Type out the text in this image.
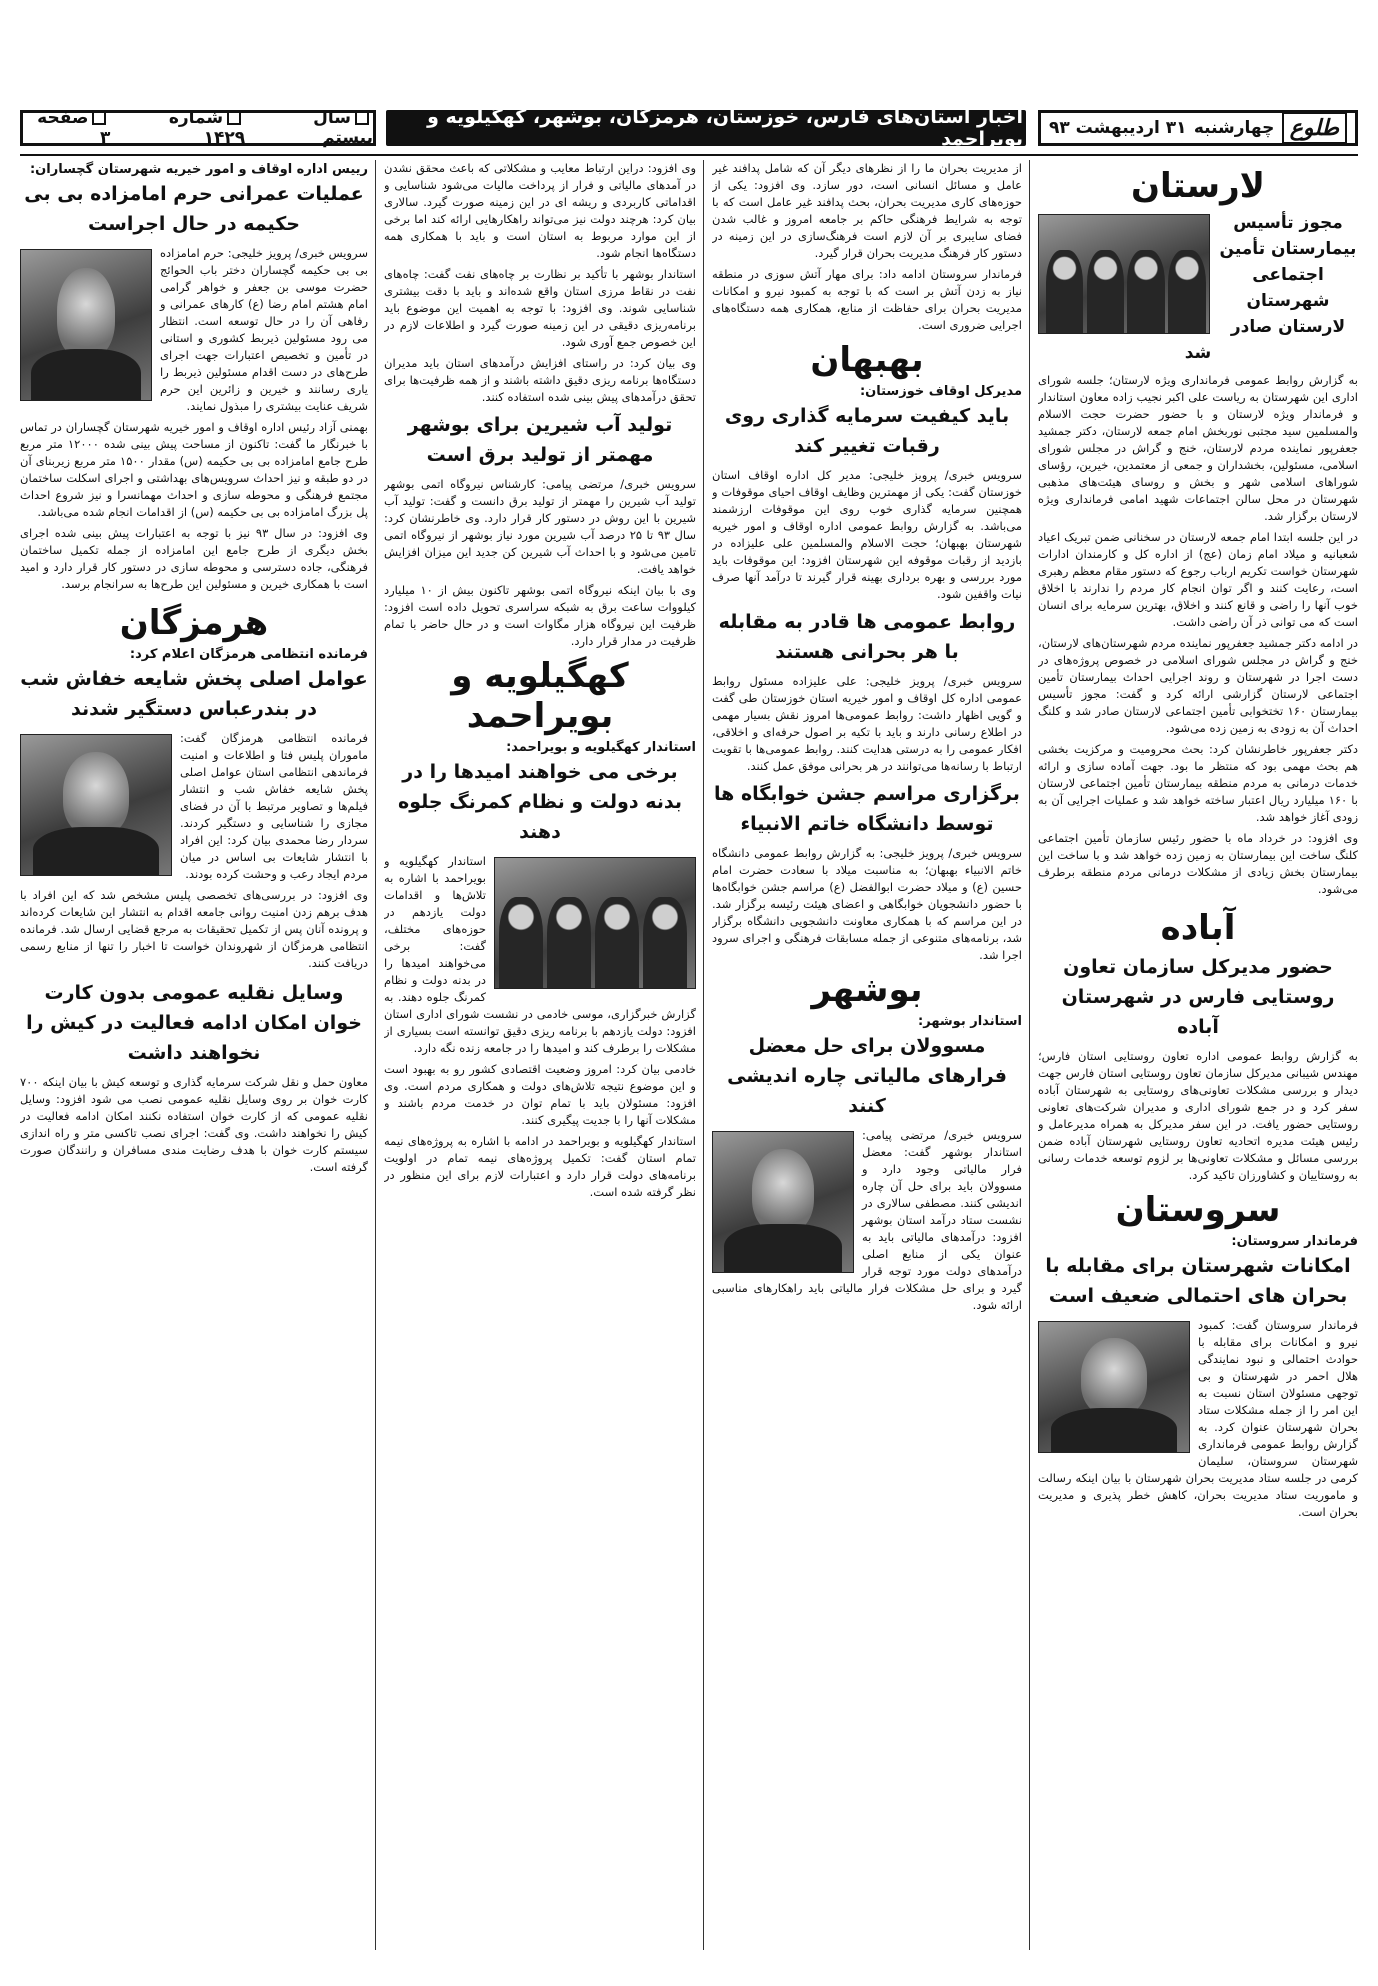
طلوع
چهارشنبه
۳۱ اردیبهشت ۹۳
اخبار استان‌های فارس، خوزستان، هرمزگان، بوشهر، کهگیلویه و بویراحمد
سال بیستم
شماره ۱۴۲۹
صفحه ۳
لارستان
مجوز تأسیس بیمارستان تأمین اجتماعی شهرستان لارستان صادر شد

به گزارش روابط عمومی فرمانداری ویژه لارستان؛ جلسه شورای اداری این شهرستان به ریاست علی اکبر نجیب زاده معاون استاندار و فرماندار ویژه لارستان و با حضور حضرت حجت الاسلام والمسلمین سید مجتبی نوربخش امام جمعه لارستان، دکتر جمشید جعفرپور نماینده مردم لارستان، خنج و گراش در مجلس شورای اسلامی، مسئولین، بخشداران و جمعی از معتمدین، خیرین، رؤسای شوراهای اسلامی شهر و بخش و روسای هیئت‌های مذهبی شهرستان در محل سالن اجتماعات شهید امامی فرمانداری ویژه لارستان برگزار شد.

در این جلسه ابتدا امام جمعه لارستان در سخنانی ضمن تبریک اعیاد شعبانیه و میلاد امام زمان (عج) از اداره کل و کارمندان ادارات شهرستان خواست تکریم ارباب رجوع که دستور مقام معظم رهبری است، رعایت کنند و اگر توان انجام کار مردم را ندارند با اخلاق خوب آنها را راضی و قانع کنند و اخلاق، بهترین سرمایه برای انسان است که می توانی ذر آن راضی داشت.

در ادامه دکتر جمشید جعفرپور نماینده مردم شهرستان‌های لارستان، خنج و گراش در مجلس شورای اسلامی در خصوص پروژه‌های در دست اجرا در شهرستان و روند اجرایی احداث بیمارستان تأمین اجتماعی لارستان گزارشی ارائه کرد و گفت: مجوز تأسیس بیمارستان ۱۶۰ تختخوابی تأمین اجتماعی لارستان صادر شد و کلنگ احداث آن به زودی به زمین زده می‌شود.

دکتر جعفرپور خاطرنشان کرد: بحث محرومیت و مرکزیت بخشی هم بحث مهمی بود که منتظر ما بود. جهت آماده سازی و ارائه خدمات درمانی به مردم منطقه بیمارستان تأمین اجتماعی لارستان با ۱۶۰ میلیارد ریال اعتبار ساخته خواهد شد و عملیات اجرایی آن به زودی آغاز خواهد شد.

وی افزود: در خرداد ماه با حضور رئیس سازمان تأمین اجتماعی کلنگ ساخت این بیمارستان به زمین زده خواهد شد و با ساخت این بیمارستان بخش زیادی از مشکلات درمانی مردم منطقه برطرف می‌شود.

آباده
حضور مدیرکل سازمان تعاون روستایی فارس در شهرستان آباده

به گزارش روابط عمومی اداره تعاون روستایی استان فارس؛ مهندس شیبانی مدیرکل سازمان تعاون روستایی استان فارس جهت دیدار و بررسی مشکلات تعاونی‌های روستایی به شهرستان آباده سفر کرد و در جمع شورای اداری و مدیران شرکت‌های تعاونی روستایی حضور یافت. در این سفر مدیرکل به همراه مدیرعامل و رئیس هیئت مدیره اتحادیه تعاون روستایی شهرستان آباده ضمن بررسی مسائل و مشکلات تعاونی‌ها بر لزوم توسعه خدمات رسانی به روستاییان و کشاورزان تاکید کرد.

سروستان
فرماندار سروستان:
امکانات شهرستان برای مقابله با بحران های احتمالی ضعیف است

فرماندار سروستان گفت: کمبود نیرو و امکانات برای مقابله با حوادث احتمالی و نبود نمایندگی هلال احمر در شهرستان و بی توجهی مسئولان استان نسبت به این امر را از جمله مشکلات ستاد بحران شهرستان عنوان کرد. به گزارش روابط عمومی فرمانداری شهرستان سروستان، سلیمان کرمی در جلسه ستاد مدیریت بحران شهرستان با بیان اینکه رسالت و ماموریت ستاد مدیریت بحران، کاهش خطر پذیری و مدیریت بحران است.

از مدیریت بحران ما را از نظرهای دیگر آن که شامل پدافند غیر عامل و مسائل انسانی است، دور سازد. وی افزود: یکی از حوزه‌های کاری مدیریت بحران، بحث پدافند غیر عامل است که با توجه به شرایط فرهنگی حاکم بر جامعه امروز و غالب شدن فضای سایبری بر آن لازم است فرهنگ‌سازی در این زمینه در دستور کار فرهنگ مدیریت بحران قرار گیرد.

فرماندار سروستان ادامه داد: برای مهار آتش سوزی در منطقه نیاز به زدن آتش بر است که با توجه به کمبود نیرو و امکانات مدیریت بحران برای حفاظت از منابع، همکاری همه دستگاه‌های اجرایی ضروری است.

بهبهان
مدیرکل اوقاف خوزستان:
باید کیفیت سرمایه گذاری روی رقبات تغییر کند

سرویس خبری/ پرویز خلیجی: مدیر کل اداره اوقاف استان خوزستان گفت: یکی از مهمترین وظایف اوقاف احیای موقوفات و همچنین سرمایه گذاری خوب روی این موقوفات ارزشمند می‌باشد. به گزارش روابط عمومی اداره اوقاف و امور خیریه شهرستان بهبهان؛ حجت الاسلام والمسلمین علی علیزاده در بازدید از رقبات موقوفه این شهرستان افزود: این موقوفات باید مورد بررسی و بهره برداری بهینه قرار گیرند تا درآمد آنها صرف نیات واقفین شود.

روابط عمومی ها قادر به مقابله با هر بحرانی هستند

سرویس خبری/ پرویز خلیجی: علی علیزاده مسئول روابط عمومی اداره کل اوقاف و امور خیریه استان خوزستان طی گفت و گویی اظهار داشت: روابط عمومی‌ها امروز نقش بسیار مهمی در اطلاع رسانی دارند و باید با تکیه بر اصول حرفه‌ای و اخلاقی، افکار عمومی را به درستی هدایت کنند. روابط عمومی‌ها با تقویت ارتباط با رسانه‌ها می‌توانند در هر بحرانی موفق عمل کنند.

برگزاری مراسم جشن خوابگاه ها توسط دانشگاه خاتم الانبیاء

سرویس خبری/ پرویز خلیجی: به گزارش روابط عمومی دانشگاه خاتم الانبیاء بهبهان؛ به مناسبت میلاد با سعادت حضرت امام حسین (ع) و میلاد حضرت ابوالفضل (ع) مراسم جشن خوابگاه‌ها با حضور دانشجویان خوابگاهی و اعضای هیئت رئیسه برگزار شد. در این مراسم که با همکاری معاونت دانشجویی دانشگاه برگزار شد، برنامه‌های متنوعی از جمله مسابقات فرهنگی و اجرای سرود اجرا شد.

بوشهر
استاندار بوشهر:
مسوولان برای حل معضل فرارهای مالیاتی چاره اندیشی کنند

سرویس خبری/ مرتضی پیامی: استاندار بوشهر گفت: معضل فرار مالیاتی وجود دارد و مسوولان باید برای حل آن چاره اندیشی کنند. مصطفی سالاری در نشست ستاد درآمد استان بوشهر افزود: درآمدهای مالیاتی باید به عنوان یکی از منابع اصلی درآمدهای دولت مورد توجه قرار گیرد و برای حل مشکلات فرار مالیاتی باید راهکارهای مناسبی ارائه شود.

وی افزود: دراین ارتباط معایب و مشکلاتی که باعث محقق نشدن در آمدهای مالیاتی و فرار از پرداخت مالیات می‌شود شناسایی و اقداماتی کاربردی و ریشه ای در این زمینه صورت گیرد. سالاری بیان کرد: هرچند دولت نیز می‌تواند راهکارهایی ارائه کند اما برخی از این موارد مربوط به استان است و باید با همکاری همه دستگاه‌ها انجام شود.

استاندار بوشهر با تأکید بر نظارت بر چاه‌های نفت گفت: چاه‌های نفت در نقاط مرزی استان واقع شده‌اند و باید با دقت بیشتری شناسایی شوند. وی افزود: با توجه به اهمیت این موضوع باید برنامه‌ریزی دقیقی در این زمینه صورت گیرد و اطلاعات لازم در این خصوص جمع آوری شود.

وی بیان کرد: در راستای افزایش درآمدهای استان باید مدیران دستگاه‌ها برنامه ریزی دقیق داشته باشند و از همه ظرفیت‌ها برای تحقق درآمدهای پیش بینی شده استفاده کنند.

تولید آب شیرین برای بوشهر مهمتر از تولید برق است

سرویس خبری/ مرتضی پیامی: کارشناس نیروگاه اتمی بوشهر تولید آب شیرین را مهمتر از تولید برق دانست و گفت: تولید آب شیرین با این روش در دستور کار قرار دارد. وی خاطرنشان کرد: سال ۹۳ تا ۲۵ درصد آب شیرین مورد نیاز بوشهر از نیروگاه اتمی تامین می‌شود و با احداث آب شیرین کن جدید این میزان افزایش خواهد یافت.

وی با بیان اینکه نیروگاه اتمی بوشهر تاکنون بیش از ۱۰ میلیارد کیلووات ساعت برق به شبکه سراسری تحویل داده است افزود: ظرفیت این نیروگاه هزار مگاوات است و در حال حاضر با تمام ظرفیت در مدار قرار دارد.

کهگیلویه و بویراحمد
استاندار کهگیلویه و بویراحمد:
برخی می خواهند امیدها را در بدنه دولت و نظام کمرنگ جلوه دهند

استاندار کهگیلویه و بویراحمد با اشاره به تلاش‌ها و اقدامات دولت یازدهم در حوزه‌های مختلف، گفت: برخی می‌خواهند امیدها را در بدنه دولت و نظام کمرنگ جلوه دهند. به گزارش خبرگزاری، موسی خادمی در نشست شورای اداری استان افزود: دولت یازدهم با برنامه ریزی دقیق توانسته است بسیاری از مشکلات را برطرف کند و امیدها را در جامعه زنده نگه دارد.

خادمی بیان کرد: امروز وضعیت اقتصادی کشور رو به بهبود است و این موضوع نتیجه تلاش‌های دولت و همکاری مردم است. وی افزود: مسئولان باید با تمام توان در خدمت مردم باشند و مشکلات آنها را با جدیت پیگیری کنند.

استاندار کهگیلویه و بویراحمد در ادامه با اشاره به پروژه‌های نیمه تمام استان گفت: تکمیل پروژه‌های نیمه تمام در اولویت برنامه‌های دولت قرار دارد و اعتبارات لازم برای این منظور در نظر گرفته شده است.

رییس اداره اوقاف و امور خیریه شهرستان گچساران:
عملیات عمرانی حرم امامزاده بی بی حکیمه در حال اجراست

سرویس خبری/ پرویز خلیجی: حرم امامزاده بی بی حکیمه گچساران دختر باب الحوائج حضرت موسی بن جعفر و خواهر گرامی امام هشتم امام رضا (ع) کارهای عمرانی و رفاهی آن را در حال توسعه است. انتظار می رود مسئولین ذیربط کشوری و استانی در تأمین و تخصیص اعتبارات جهت اجرای طرح‌های در دست اقدام مسئولین ذیربط را یاری رسانند و خیرین و زائرین این حرم شریف عنایت بیشتری را مبذول نمایند.

بهمنی آزاد رئیس اداره اوقاف و امور خیریه شهرستان گچساران در تماس با خبرنگار ما گفت: تاکنون از مساحت پیش بینی شده ۱۲۰۰۰ متر مربع طرح جامع امامزاده بی بی حکیمه (س) مقدار ۱۵۰۰ متر مربع زیربنای آن در دو طبقه و نیز احداث سرویس‌های بهداشتی و اجرای اسکلت ساختمان مجتمع فرهنگی و محوطه سازی و احداث مهمانسرا و نیز شروع احداث پل بزرگ امامزاده بی بی حکیمه (س) از اقدامات انجام شده می‌باشد.

وی افزود: در سال ۹۳ نیز با توجه به اعتبارات پیش بینی شده اجرای بخش دیگری از طرح جامع این امامزاده از جمله تکمیل ساختمان فرهنگی، جاده دسترسی و محوطه سازی در دستور کار قرار دارد و امید است با همکاری خیرین و مسئولین این طرح‌ها به سرانجام برسد.

هرمزگان
فرمانده انتظامی هرمزگان اعلام کرد:
عوامل اصلی پخش شایعه خفاش شب در بندرعباس دستگیر شدند

فرمانده انتظامی هرمزگان گفت: ماموران پلیس فتا و اطلاعات و امنیت فرماندهی انتظامی استان عوامل اصلی پخش شایعه خفاش شب و انتشار فیلم‌ها و تصاویر مرتبط با آن در فضای مجازی را شناسایی و دستگیر کردند. سردار رضا محمدی بیان کرد: این افراد با انتشار شایعات بی اساس در میان مردم ایجاد رعب و وحشت کرده بودند.

وی افزود: در بررسی‌های تخصصی پلیس مشخص شد که این افراد با هدف برهم زدن امنیت روانی جامعه اقدام به انتشار این شایعات کرده‌اند و پرونده آنان پس از تکمیل تحقیقات به مرجع قضایی ارسال شد. فرمانده انتظامی هرمزگان از شهروندان خواست تا اخبار را تنها از منابع رسمی دریافت کنند.

وسایل نقلیه عمومی بدون کارت خوان امکان ادامه فعالیت در کیش را نخواهند داشت

معاون حمل و نقل شرکت سرمایه گذاری و توسعه کیش با بیان اینکه ۷۰۰ کارت خوان بر روی وسایل نقلیه عمومی نصب می شود افزود: وسایل نقلیه عمومی که از کارت خوان استفاده نکنند امکان ادامه فعالیت در کیش را نخواهند داشت. وی گفت: اجرای نصب تاکسی متر و راه اندازی سیستم کارت خوان با هدف رضایت مندی مسافران و رانندگان صورت گرفته است.
